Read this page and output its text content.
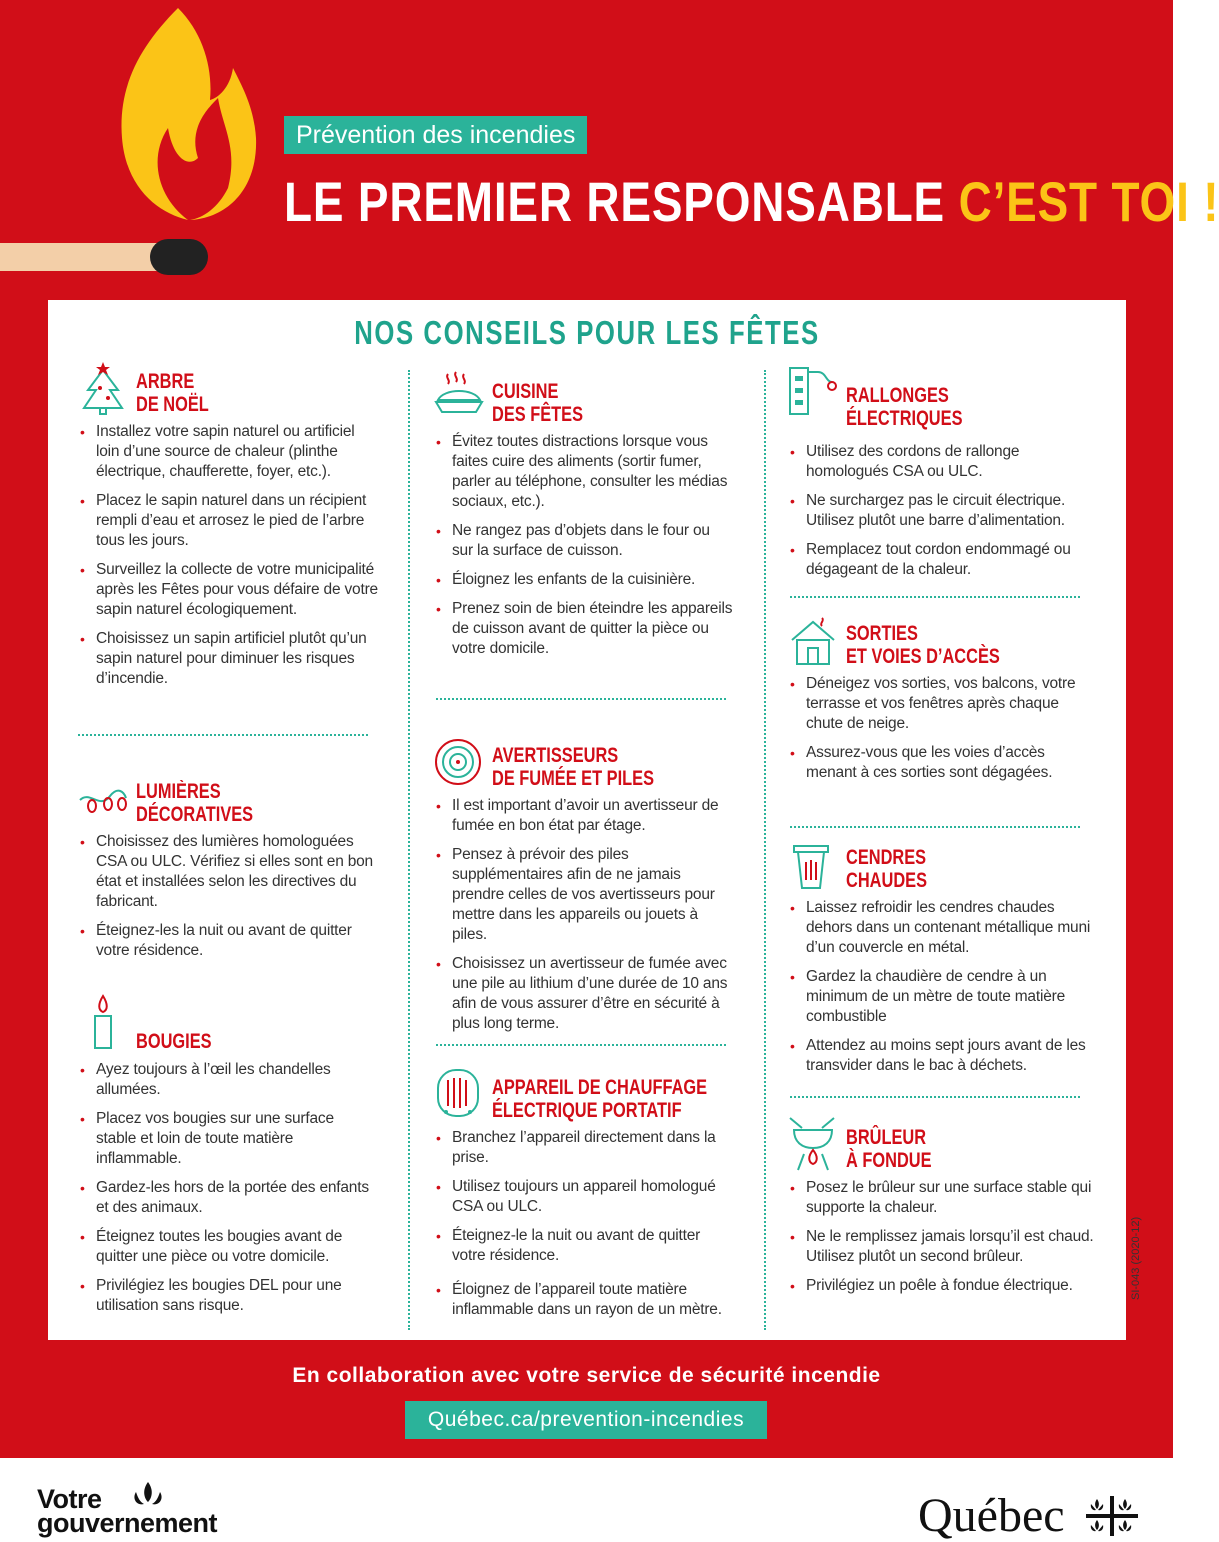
Prévention des incendies
LE PREMIER RESPONSABLE C’EST TOI !
NOS CONSEILS POUR LES FÊTES
ARBRE
DE NOËL
• Installez votre sapin naturel ou artificiel loin d’une source de chaleur (plinthe électrique, chaufferette, foyer, etc.).
• Placez le sapin naturel dans un récipient rempli d’eau et arrosez le pied de l’arbre tous les jours.
• Surveillez la collecte de votre municipalité après les Fêtes pour vous défaire de votre sapin naturel écologiquement.
• Choisissez un sapin artificiel plutôt qu’un sapin naturel pour diminuer les risques d’incendie.
LUMIÈRES
DÉCORATIVES
• Choisissez des lumières homologuées CSA ou ULC. Vérifiez si elles sont en bon état et installées selon les directives du fabricant.
• Éteignez-les la nuit ou avant de quitter votre résidence.
BOUGIES
• Ayez toujours à l’œil les chandelles allumées.
• Placez vos bougies sur une surface stable et loin de toute matière inflammable.
• Gardez-les hors de la portée des enfants et des animaux.
• Éteignez toutes les bougies avant de quitter une pièce ou votre domicile.
• Privilégiez les bougies DEL pour une utilisation sans risque.
CUISINE
DES FÊTES
• Évitez toutes distractions lorsque vous faites cuire des aliments (sortir fumer, parler au téléphone, consulter les médias sociaux, etc.).
• Ne rangez pas d’objets dans le four ou sur la surface de cuisson.
• Éloignez les enfants de la cuisinière.
• Prenez soin de bien éteindre les appareils de cuisson avant de quitter la pièce ou votre domicile.
AVERTISSEURS
DE FUMÉE ET PILES
• Il est important d’avoir un avertisseur de fumée en bon état par étage.
• Pensez à prévoir des piles supplémentaires afin de ne jamais prendre celles de vos avertisseurs pour mettre dans les appareils ou jouets à piles.
• Choisissez un avertisseur de fumée avec une pile au lithium d’une durée de 10 ans afin de vous assurer d’être en sécurité à plus long terme.
APPAREIL DE CHAUFFAGE
ÉLECTRIQUE PORTATIF
• Branchez l’appareil directement dans la prise.
• Utilisez toujours un appareil homologué CSA ou ULC.
• Éteignez-le la nuit ou avant de quitter votre résidence.
• Éloignez de l’appareil toute matière inflammable dans un rayon de un mètre.
RALLONGES
ÉLECTRIQUES
• Utilisez des cordons de rallonge homologués CSA ou ULC.
• Ne surchargez pas le circuit électrique. Utilisez plutôt une barre d’alimentation.
• Remplacez tout cordon endommagé ou dégageant de la chaleur.
SORTIES
ET VOIES D’ACCÈS
• Déneigez vos sorties, vos balcons, votre terrasse et vos fenêtres après chaque chute de neige.
• Assurez-vous que les voies d’accès menant à ces sorties sont dégagées.
CENDRES
CHAUDES
• Laissez refroidir les cendres chaudes dehors dans un contenant métallique muni d’un couvercle en métal.
• Gardez la chaudière de cendre à un minimum de un mètre de toute matière combustible
• Attendez au moins sept jours avant de les transvider dans le bac à déchets.
BRÛLEUR
À FONDUE
• Posez le brûleur sur une surface stable qui supporte la chaleur.
• Ne le remplissez jamais lorsqu’il est chaud. Utilisez plutôt un second brûleur.
• Privilégiez un poêle à fondue électrique.	SI-043 (2020-12)
En collaboration avec votre service de sécurité incendie
Québec.ca/prevention-incendies
Votre
gouvernement	Québec
